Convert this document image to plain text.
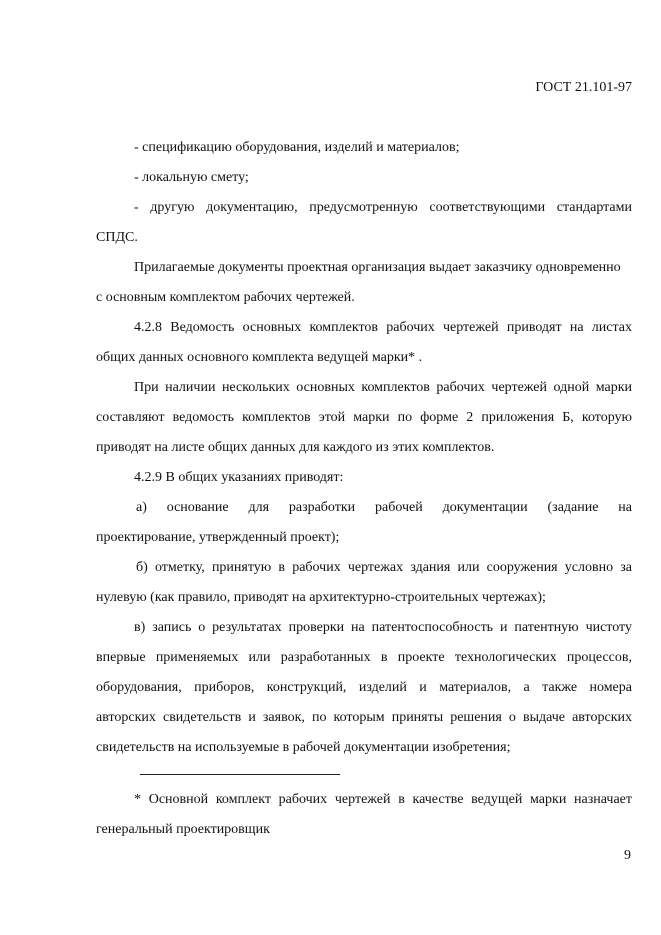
ГОСТ 21.101-97
- спецификацию оборудования, изделий и материалов;
- локальную смету;
- другую документацию, предусмотренную соответствующими стандартами
СПДС.
Прилагаемые документы проектная организация выдает заказчику одновременно
с основным комплектом рабочих чертежей.
4.2.8 Ведомость основных комплектов рабочих чертежей приводят на листах
общих данных основного комплекта ведущей марки* .
При наличии нескольких основных комплектов рабочих чертежей одной марки
составляют ведомость комплектов этой марки по форме 2 приложения Б, которую
приводят на листе общих данных для каждого из этих комплектов.
4.2.9 В общих указаниях приводят:
а) основание для разработки рабочей документации (задание на
проектирование, утвержденный проект);
б) отметку, принятую в рабочих чертежах здания или сооружения условно за
нулевую (как правило, приводят на архитектурно-строительных чертежах);
в) запись о результатах проверки на патентоспособность и патентную чистоту
впервые применяемых или разработанных в проекте технологических процессов,
оборудования, приборов, конструкций, изделий и материалов, а также номера
авторских свидетельств и заявок, по которым приняты решения о выдаче авторских
свидетельств на используемые в рабочей документации изобретения;
* Основной комплект рабочих чертежей в качестве ведущей марки назначает
генеральный проектировщик
9
